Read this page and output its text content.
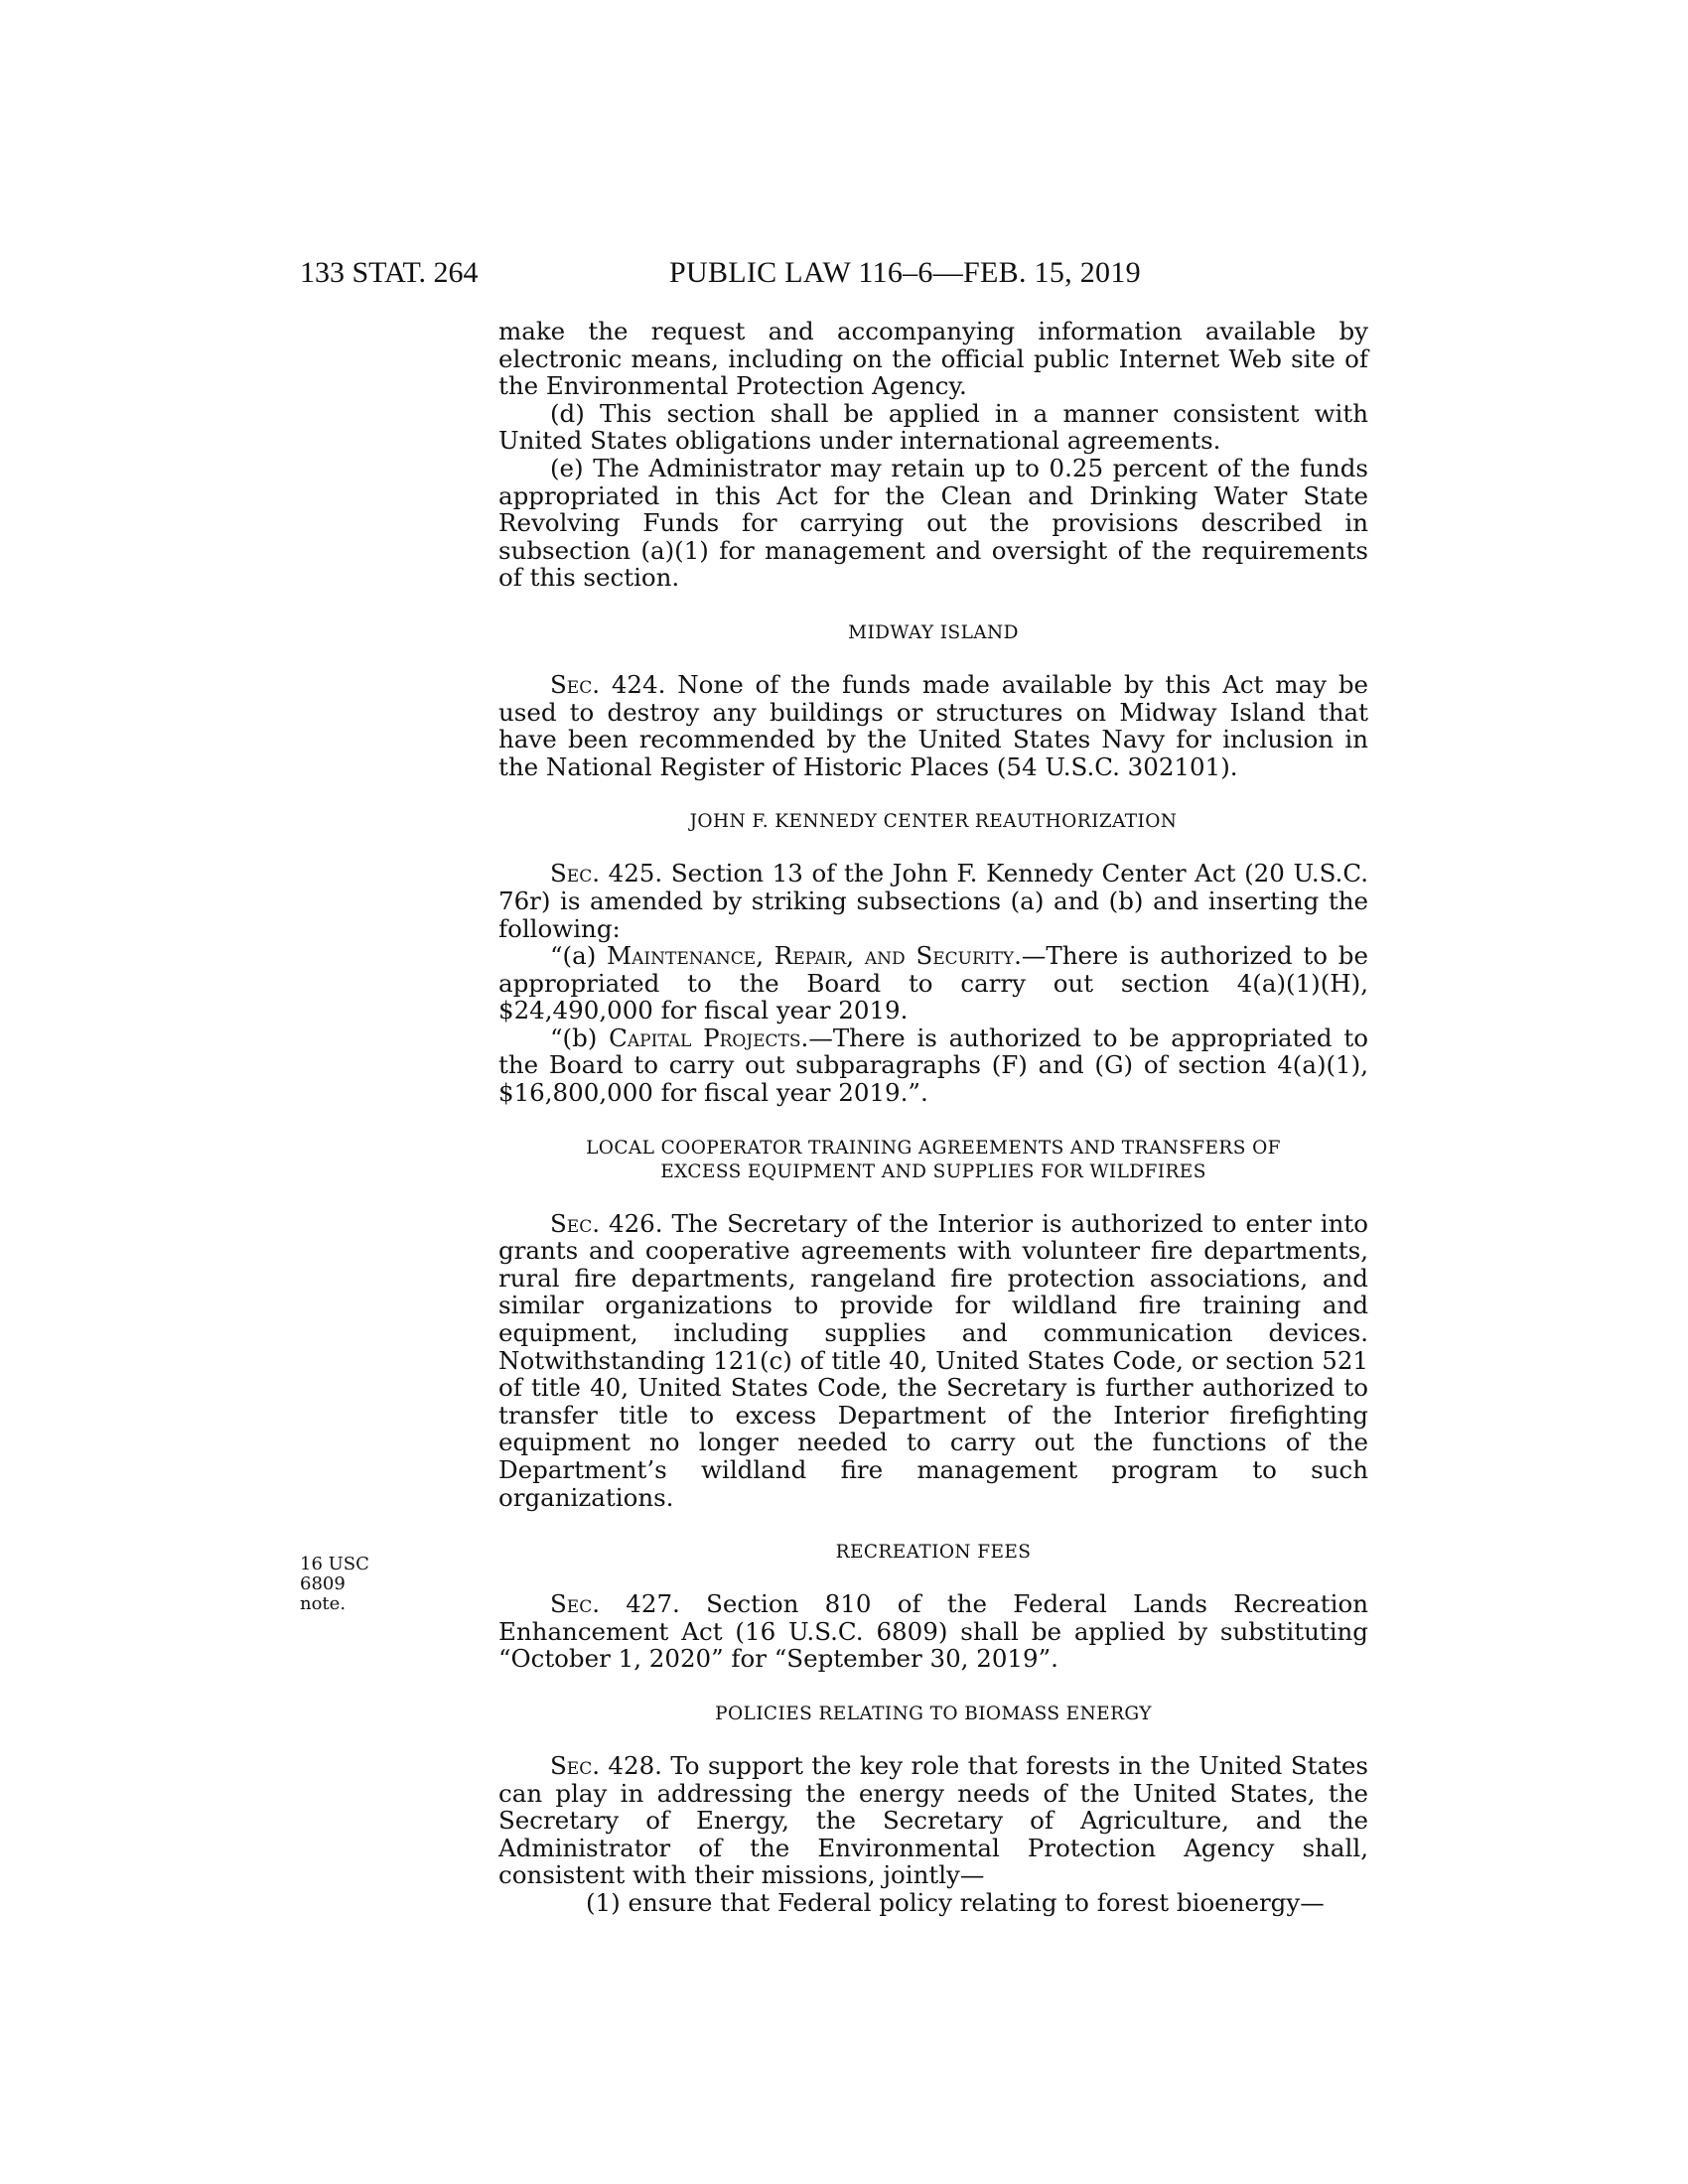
133 STAT. 264	PUBLIC LAW 116–6—FEB. 15, 2019
16 USC 6809
note.

make the request and accompanying information available by electronic means, including on the official public Internet Web site of the Environmental Protection Agency.

(d) This section shall be applied in a manner consistent with United States obligations under international agreements.

(e) The Administrator may retain up to 0.25 percent of the funds appropriated in this Act for the Clean and Drinking Water State Revolving Funds for carrying out the provisions described in subsection (a)(1) for management and oversight of the requirements of this section.

MIDWAY ISLAND

Sec. 424. None of the funds made available by this Act may be used to destroy any buildings or structures on Midway Island that have been recommended by the United States Navy for inclusion in the National Register of Historic Places (54 U.S.C. 302101).

JOHN F. KENNEDY CENTER REAUTHORIZATION

Sec. 425. Section 13 of the John F. Kennedy Center Act (20 U.S.C. 76r) is amended by striking subsections (a) and (b) and inserting the following:

“(a) Maintenance, Repair, and Security.—There is authorized to be appropriated to the Board to carry out section 4(a)(1)(H), $24,490,000 for fiscal year 2019.

“(b) Capital Projects.—There is authorized to be appropriated to the Board to carry out subparagraphs (F) and (G) of section 4(a)(1), $16,800,000 for fiscal year 2019.”.

LOCAL COOPERATOR TRAINING AGREEMENTS AND TRANSFERS OF
EXCESS EQUIPMENT AND SUPPLIES FOR WILDFIRES

Sec. 426. The Secretary of the Interior is authorized to enter into grants and cooperative agreements with volunteer fire departments, rural fire departments, rangeland fire protection associations, and similar organizations to provide for wildland fire training and equipment, including supplies and communication devices. Notwithstanding 121(c) of title 40, United States Code, or section 521 of title 40, United States Code, the Secretary is further authorized to transfer title to excess Department of the Interior firefighting equipment no longer needed to carry out the functions of the Department’s wildland fire management program to such organizations.

RECREATION FEES

Sec. 427. Section 810 of the Federal Lands Recreation Enhancement Act (16 U.S.C. 6809) shall be applied by substituting “October 1, 2020” for “September 30, 2019”.

POLICIES RELATING TO BIOMASS ENERGY

Sec. 428. To support the key role that forests in the United States can play in addressing the energy needs of the United States, the Secretary of Energy, the Secretary of Agriculture, and the Administrator of the Environmental Protection Agency shall, consistent with their missions, jointly—

(1) ensure that Federal policy relating to forest bioenergy—
